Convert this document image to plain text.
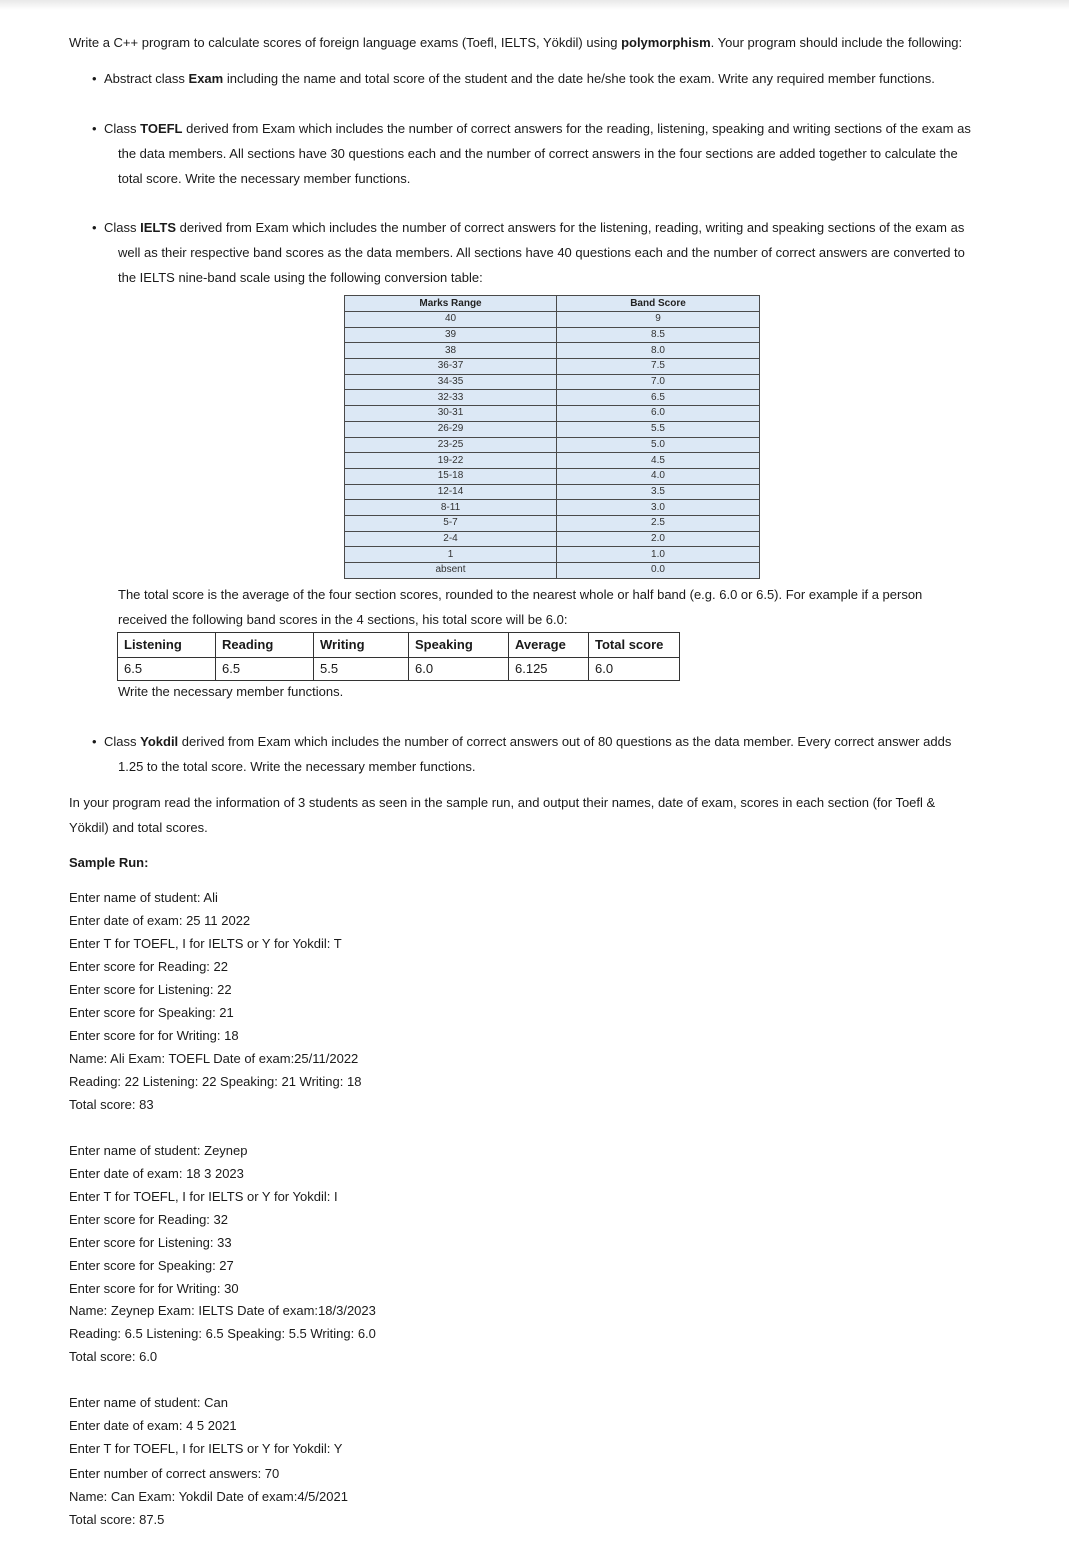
Write a C++ program to calculate scores of foreign language exams (Toefl, IELTS, Yökdil) using polymorphism. Your program should include the following:
• Abstract class Exam including the name and total score of the student and the date he/she took the exam. Write any required member functions.
• Class TOEFL derived from Exam which includes the number of correct answers for the reading, listening, speaking and writing sections of the exam as
the data members. All sections have 30 questions each and the number of correct answers in the four sections are added together to calculate the
total score. Write the necessary member functions.
• Class IELTS derived from Exam which includes the number of correct answers for the listening, reading, writing and speaking sections of the exam as
well as their respective band scores as the data members. All sections have 40 questions each and the number of correct answers are converted to
the IELTS nine-band scale using the following conversion table:
Marks Range	Band Score
40	9
39	8.5
38	8.0
36-37	7.5
34-35	7.0
32-33	6.5
30-31	6.0
26-29	5.5
23-25	5.0
19-22	4.5
15-18	4.0
12-14	3.5
8-11	3.0
5-7	2.5
2-4	2.0
1	1.0
absent	0.0
The total score is the average of the four section scores, rounded to the nearest whole or half band (e.g. 6.0 or 6.5). For example if a person
received the following band scores in the 4 sections, his total score will be 6.0:
Listening	Reading	Writing	Speaking	Average	Total score
6.5	6.5	5.5	6.0	6.125	6.0
Write the necessary member functions.
• Class Yokdil derived from Exam which includes the number of correct answers out of 80 questions as the data member. Every correct answer adds
1.25 to the total score. Write the necessary member functions.
In your program read the information of 3 students as seen in the sample run, and output their names, date of exam, scores in each section (for Toefl &
Yökdil) and total scores.
Sample Run:
Enter name of student: Ali
Enter date of exam: 25 11 2022
Enter T for TOEFL, I for IELTS or Y for Yokdil: T
Enter score for Reading: 22
Enter score for Listening: 22
Enter score for Speaking: 21
Enter score for for Writing: 18
Name: Ali Exam: TOEFL Date of exam:25/11/2022
Reading: 22 Listening: 22 Speaking: 21 Writing: 18
Total score: 83
Enter name of student: Zeynep
Enter date of exam: 18 3 2023
Enter T for TOEFL, I for IELTS or Y for Yokdil: I
Enter score for Reading: 32
Enter score for Listening: 33
Enter score for Speaking: 27
Enter score for for Writing: 30
Name: Zeynep Exam: IELTS Date of exam:18/3/2023
Reading: 6.5 Listening: 6.5 Speaking: 5.5 Writing: 6.0
Total score: 6.0
Enter name of student: Can
Enter date of exam: 4 5 2021
Enter T for TOEFL, I for IELTS or Y for Yokdil: Y
Enter number of correct answers: 70
Name: Can Exam: Yokdil Date of exam:4/5/2021
Total score: 87.5
